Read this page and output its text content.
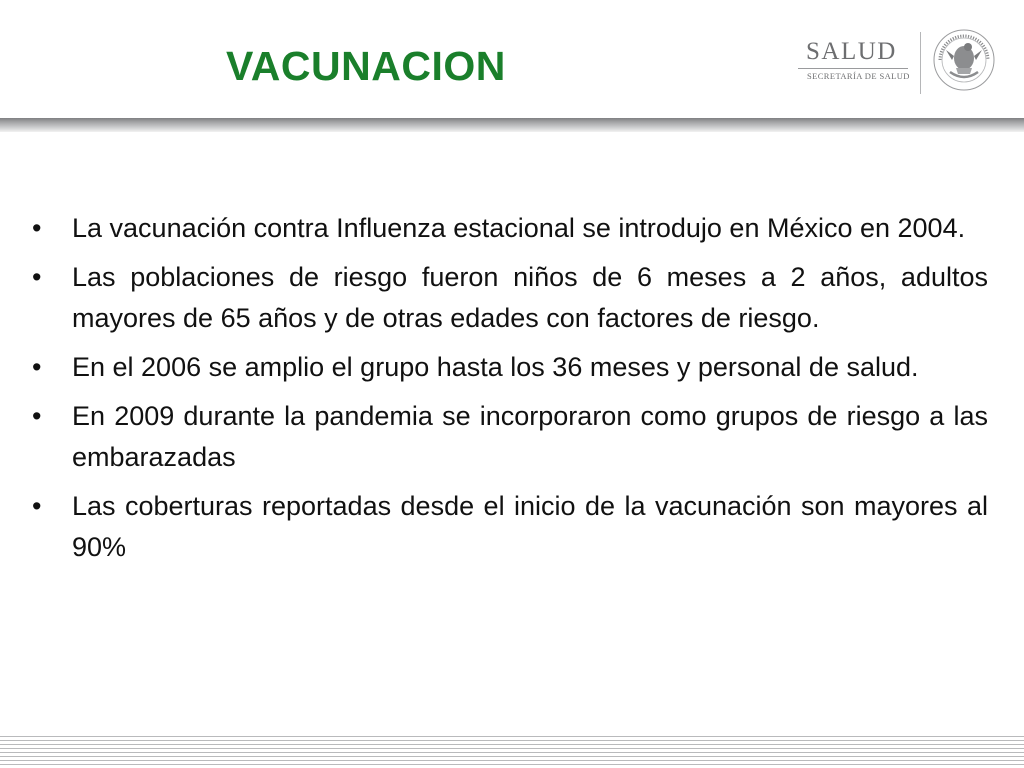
VACUNACION	SALUD
SECRETARÍA DE SALUD
• La vacunación contra Influenza estacional se introdujo en México en 2004.
• Las poblaciones de riesgo fueron niños de 6 meses a 2 años, adultos mayores de 65 años y de otras edades con factores de riesgo.
• En el 2006 se amplio el grupo hasta los 36 meses y personal de salud.
• En 2009 durante la pandemia se incorporaron como grupos de riesgo a las embarazadas
• Las coberturas reportadas desde el inicio de la vacunación son mayores al 90%
